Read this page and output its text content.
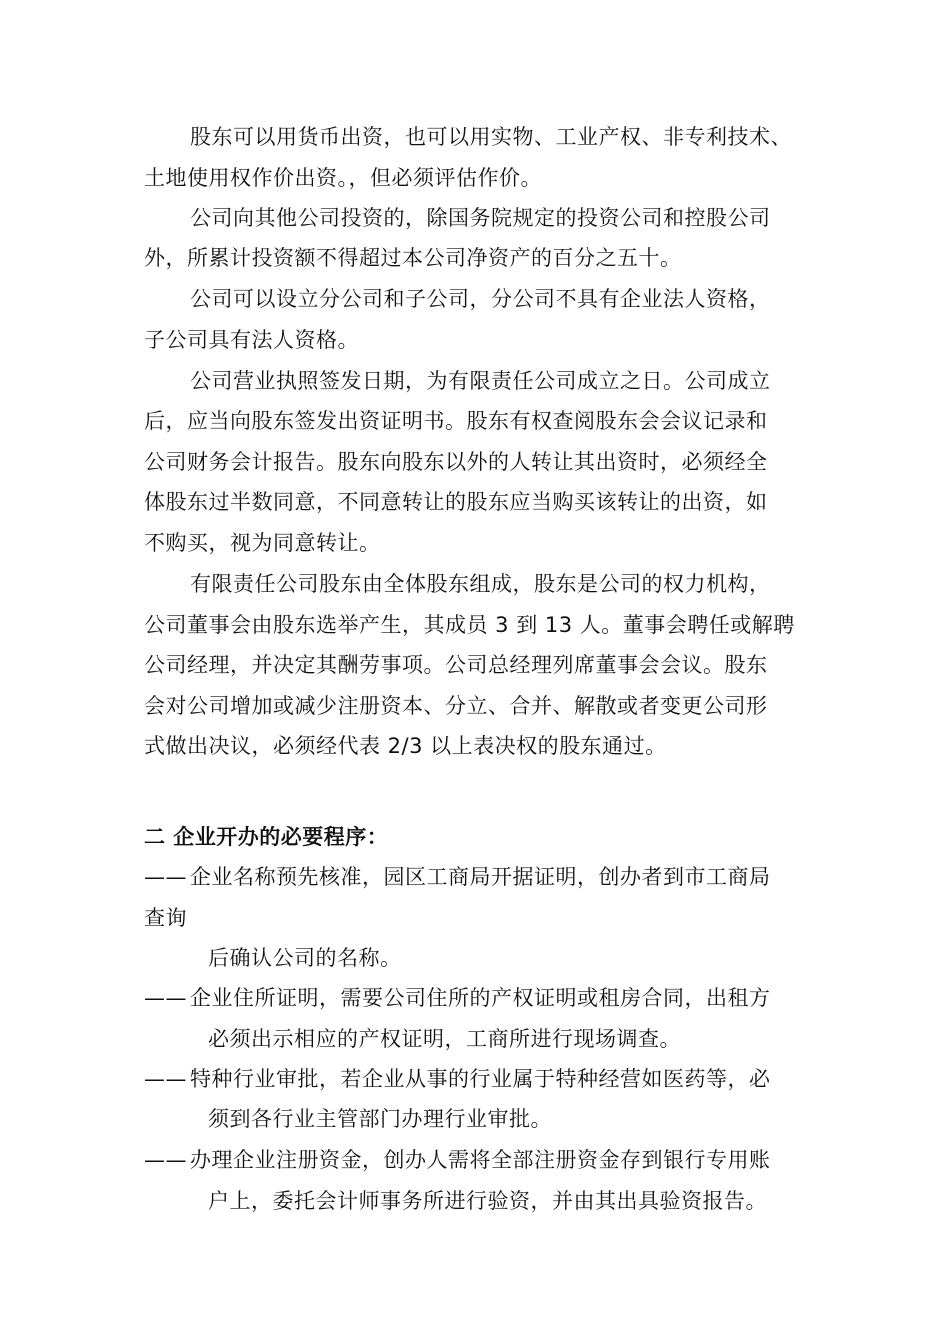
股东可以用货币出资，也可以用实物、工业产权、非专利技术、
土地使用权作价出资。，但必须评估作价。
公司向其他公司投资的，除国务院规定的投资公司和控股公司
外，所累计投资额不得超过本公司净资产的百分之五十。
公司可以设立分公司和子公司，分公司不具有企业法人资格，
子公司具有法人资格。
公司营业执照签发日期，为有限责任公司成立之日。公司成立
后，应当向股东签发出资证明书。股东有权查阅股东会会议记录和
公司财务会计报告。股东向股东以外的人转让其出资时，必须经全
体股东过半数同意，不同意转让的股东应当购买该转让的出资，如
不购买，视为同意转让。
有限责任公司股东由全体股东组成，股东是公司的权力机构，
公司董事会由股东选举产生，其成员 3 到 13 人。董事会聘任或解聘
公司经理，并决定其酬劳事项。公司总经理列席董事会会议。股东
会对公司增加或减少注册资本、分立、合并、解散或者变更公司形
式做出决议，必须经代表 2/3 以上表决权的股东通过。
二 企业开办的必要程序：
—— 企业名称预先核准，园区工商局开据证明，创办者到市工商局
查询
后确认公司的名称。
—— 企业住所证明，需要公司住所的产权证明或租房合同，出租方
必须出示相应的产权证明，工商所进行现场调查。
—— 特种行业审批，若企业从事的行业属于特种经营如医药等，必
须到各行业主管部门办理行业审批。
—— 办理企业注册资金，创办人需将全部注册资金存到银行专用账
户上，委托会计师事务所进行验资，并由其出具验资报告。
